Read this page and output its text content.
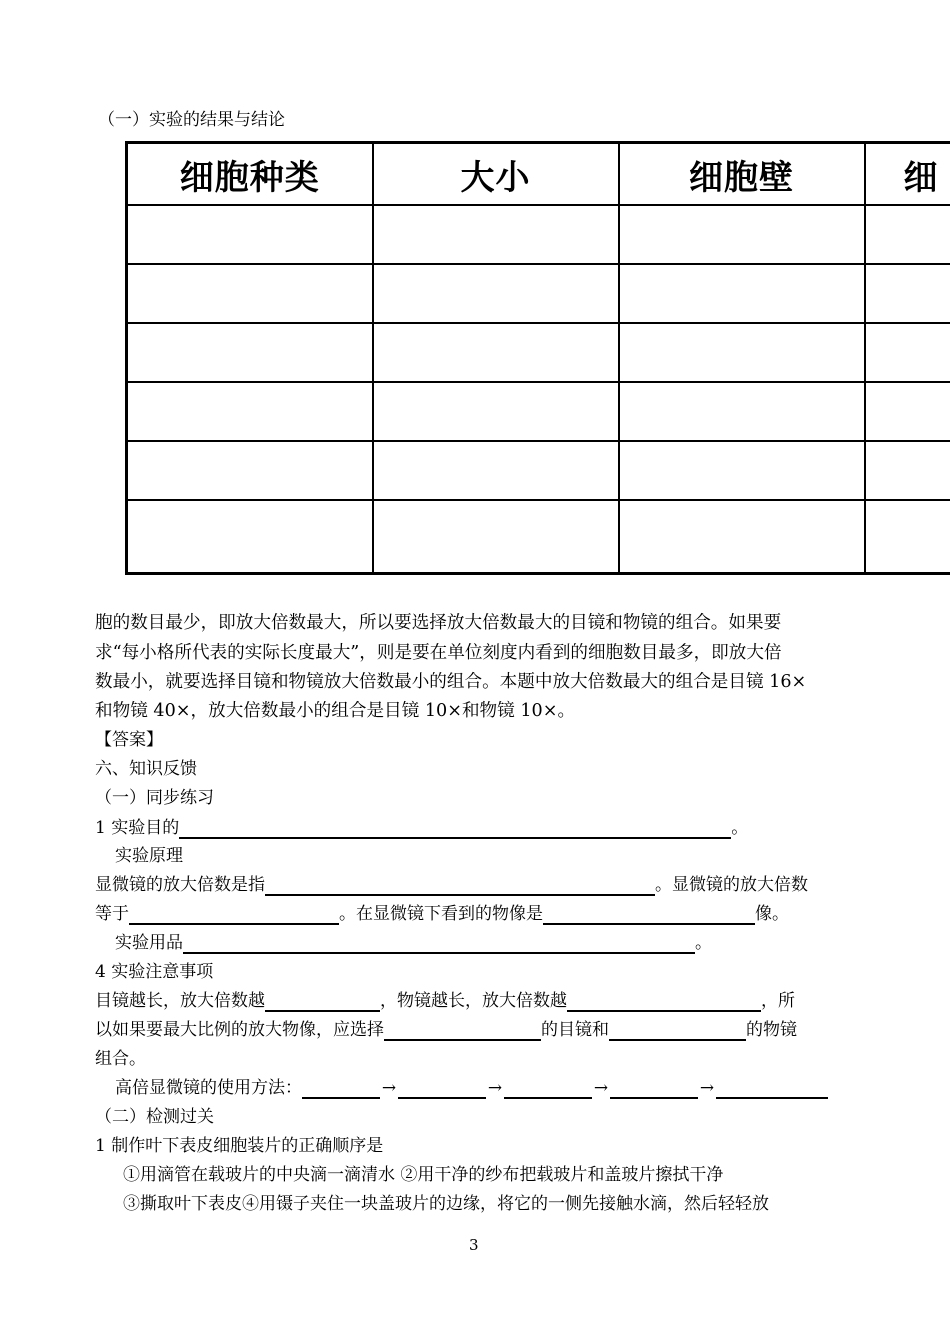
（一）实验的结果与结论
细胞种类	大小	细胞壁	细

胞的数目最少，即放大倍数最大，所以要选择放大倍数最大的目镜和物镜的组合。如果要
求“每小格所代表的实际长度最大”，则是要在单位刻度内看到的细胞数目最多，即放大倍
数最小，就要选择目镜和物镜放大倍数最小的组合。本题中放大倍数最大的组合是目镜 16×
和物镜 40×，放大倍数最小的组合是目镜 10×和物镜 10×。
【答案】
六、知识反馈
（一）同步练习
1 实验目的	。
实验原理
显微镜的放大倍数是指	。显微镜的放大倍数
等于	。在显微镜下看到的物像是	像。
实验用品	。
4 实验注意事项
目镜越长，放大倍数越	，物镜越长，放大倍数越	，所
以如果要最大比例的放大物像，应选择	的目镜和	的物镜
组合。
高倍显微镜的使用方法：	→	→	→	→
（二）检测过关
1 制作叶下表皮细胞装片的正确顺序是
①用滴管在载玻片的中央滴一滴清水 ②用干净的纱布把载玻片和盖玻片擦拭干净
③撕取叶下表皮④用镊子夹住一块盖玻片的边缘，将它的一侧先接触水滴，然后轻轻放
3
